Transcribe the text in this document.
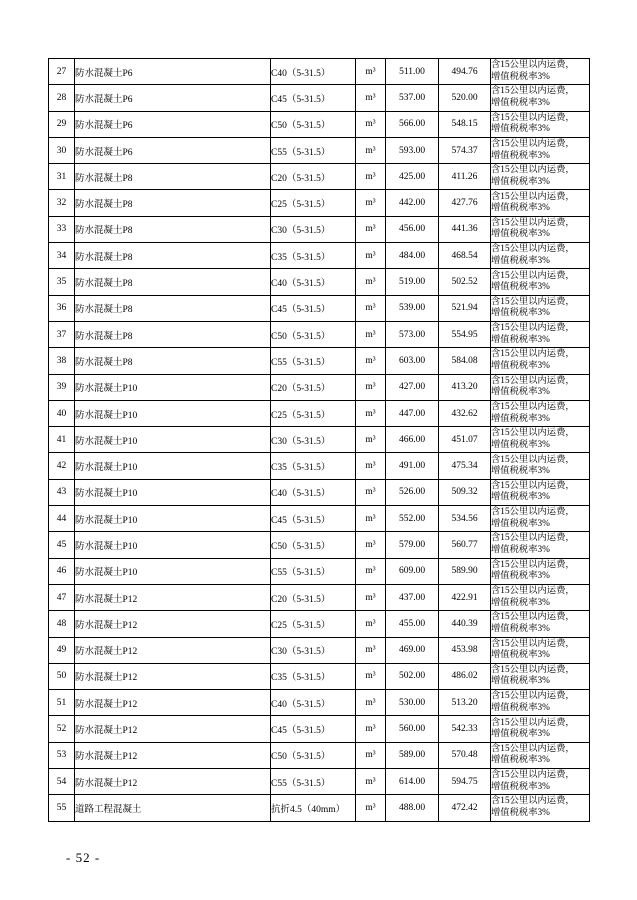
27	防水混凝土P6	C40（5-31.5）	m³	511.00	494.76	含15公里以内运费，
增值税税率3%

28	防水混凝土P6	C45（5-31.5）	m³	537.00	520.00	含15公里以内运费，
增值税税率3%

29	防水混凝土P6	C50（5-31.5）	m³	566.00	548.15	含15公里以内运费，
增值税税率3%

30	防水混凝土P6	C55（5-31.5）	m³	593.00	574.37	含15公里以内运费，
增值税税率3%

31	防水混凝土P8	C20（5-31.5）	m³	425.00	411.26	含15公里以内运费，
增值税税率3%

32	防水混凝土P8	C25（5-31.5）	m³	442.00	427.76	含15公里以内运费，
增值税税率3%

33	防水混凝土P8	C30（5-31.5）	m³	456.00	441.36	含15公里以内运费，
增值税税率3%

34	防水混凝土P8	C35（5-31.5）	m³	484.00	468.54	含15公里以内运费，
增值税税率3%

35	防水混凝土P8	C40（5-31.5）	m³	519.00	502.52	含15公里以内运费，
增值税税率3%

36	防水混凝土P8	C45（5-31.5）	m³	539.00	521.94	含15公里以内运费，
增值税税率3%

37	防水混凝土P8	C50（5-31.5）	m³	573.00	554.95	含15公里以内运费，
增值税税率3%

38	防水混凝土P8	C55（5-31.5）	m³	603.00	584.08	含15公里以内运费，
增值税税率3%

39	防水混凝土P10	C20（5-31.5）	m³	427.00	413.20	含15公里以内运费，
增值税税率3%

40	防水混凝土P10	C25（5-31.5）	m³	447.00	432.62	含15公里以内运费，
增值税税率3%

41	防水混凝土P10	C30（5-31.5）	m³	466.00	451.07	含15公里以内运费，
增值税税率3%

42	防水混凝土P10	C35（5-31.5）	m³	491.00	475.34	含15公里以内运费，
增值税税率3%

43	防水混凝土P10	C40（5-31.5）	m³	526.00	509.32	含15公里以内运费，
增值税税率3%

44	防水混凝土P10	C45（5-31.5）	m³	552.00	534.56	含15公里以内运费，
增值税税率3%

45	防水混凝土P10	C50（5-31.5）	m³	579.00	560.77	含15公里以内运费，
增值税税率3%

46	防水混凝土P10	C55（5-31.5）	m³	609.00	589.90	含15公里以内运费，
增值税税率3%

47	防水混凝土P12	C20（5-31.5）	m³	437.00	422.91	含15公里以内运费，
增值税税率3%

48	防水混凝土P12	C25（5-31.5）	m³	455.00	440.39	含15公里以内运费，
增值税税率3%

49	防水混凝土P12	C30（5-31.5）	m³	469.00	453.98	含15公里以内运费，
增值税税率3%

50	防水混凝土P12	C35（5-31.5）	m³	502.00	486.02	含15公里以内运费，
增值税税率3%

51	防水混凝土P12	C40（5-31.5）	m³	530.00	513.20	含15公里以内运费，
增值税税率3%

52	防水混凝土P12	C45（5-31.5）	m³	560.00	542.33	含15公里以内运费，
增值税税率3%

53	防水混凝土P12	C50（5-31.5）	m³	589.00	570.48	含15公里以内运费，
增值税税率3%

54	防水混凝土P12	C55（5-31.5）	m³	614.00	594.75	含15公里以内运费，
增值税税率3%

55	道路工程混凝土	抗折4.5（40mm）	m³	488.00	472.42	含15公里以内运费，
增值税税率3%
- 52 -
